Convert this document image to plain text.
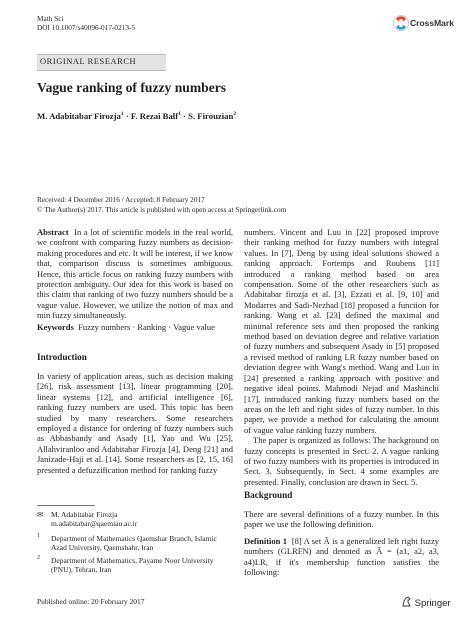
Math Sci
DOI 10.1007/s40096-017-0213-5	CrossMark
ORIGINAL RESEARCH
Vague ranking of fuzzy numbers
M. Adabitabar Firozja$^1$ · F. Rezai Balf$^1$ · S. Firouzian$^2$
Received: 4 December 2016 / Accepted: 8 February 2017
© The Author(s) 2017. This article is published with open access at Springerlink.com

Abstract In a lot of scientific models in the real world, we confront with comparing fuzzy numbers as decision-making procedures and etc. It will be interest, if we know that, comparison discuss is sometimes ambiguous. Hence, this article focus on ranking fuzzy numbers with protection ambiguity. Our idea for this work is based on this claim that ranking of two fuzzy numbers should be a vague value. However, we utilize the notion of max and min fuzzy simultaneously.

Keywords Fuzzy numbers · Ranking · Vague value

Introduction

In variety of application areas, such as decision making [26], risk assessment [13], linear programming [20], linear systems [12], and artificial intelligence [6], ranking fuzzy numbers are used. This topic has been studied by many researchers. Some researchers employed a distance for ordering of fuzzy numbers such as Abbasbandy and Asady [1], Yao and Wu [25], Allahviranloo and Adabitabar Firozja [4], Deng [21] and Janizade-Haji et al. [14]. Some researchers as [2, 15, 16] presented a defuzzification method for ranking fuzzy

✉ M. Adabitabar Firozja
m.adabitabar@qaemiau.ac.ir
1 Department of Mathematics Qaemshar Branch, Islamic Azad University, Qaemshahr, Iran
2 Department of Mathematics, Payame Noor University (PNU), Tehran, Iran
Published online: 20 February 2017

numbers. Vincent and Luu in [22] proposed improve their ranking method for fuzzy numbers with integral values. In [7], Deng by using ideal solutions showed a ranking approach. Fortemps and Roubens [11] introduced a ranking method based on area compensation. Some of the other researchers such as Adabitabar firozja et al. [3], Ezzati et al. [9, 10] and Modarres and Sadi-Nezhad [18] proposed a function for ranking. Wang et al. [23] defined the maximal and minimal reference sets and then proposed the ranking method based on deviation degree and relative variation of fuzzy numbers and subsequent Asady in [5] proposed a revised method of ranking LR fuzzy number based on deviation degree with Wang's method. Wang and Luo in [24] presented a ranking approach with positive and negative ideal points. Mahmodi Nejad and Mashinchi [17], introduced ranking fuzzy numbers based on the areas on the left and right sides of fuzzy number. In this paper, we provide a method for calculating the amount of vague value ranking fuzzy numbers.

The paper is organized as follows: The background on fuzzy concepts is presented in Sect. 2. A vague ranking of two fuzzy numbers with its properties is introduced in Sect. 3. Subsequently, in Sect. 4 some examples are presented. Finally, conclusion are drawn in Sect. 5.

Background

There are several definitions of a fuzzy number. In this paper we use the following definition.

Definition 1 [8] A set Ã is a generalized left right fuzzy numbers (GLRFN) and denoted as Ã = (a1, a2, a3, a4)LR, if it's membership function satisfies the following:

Springer
